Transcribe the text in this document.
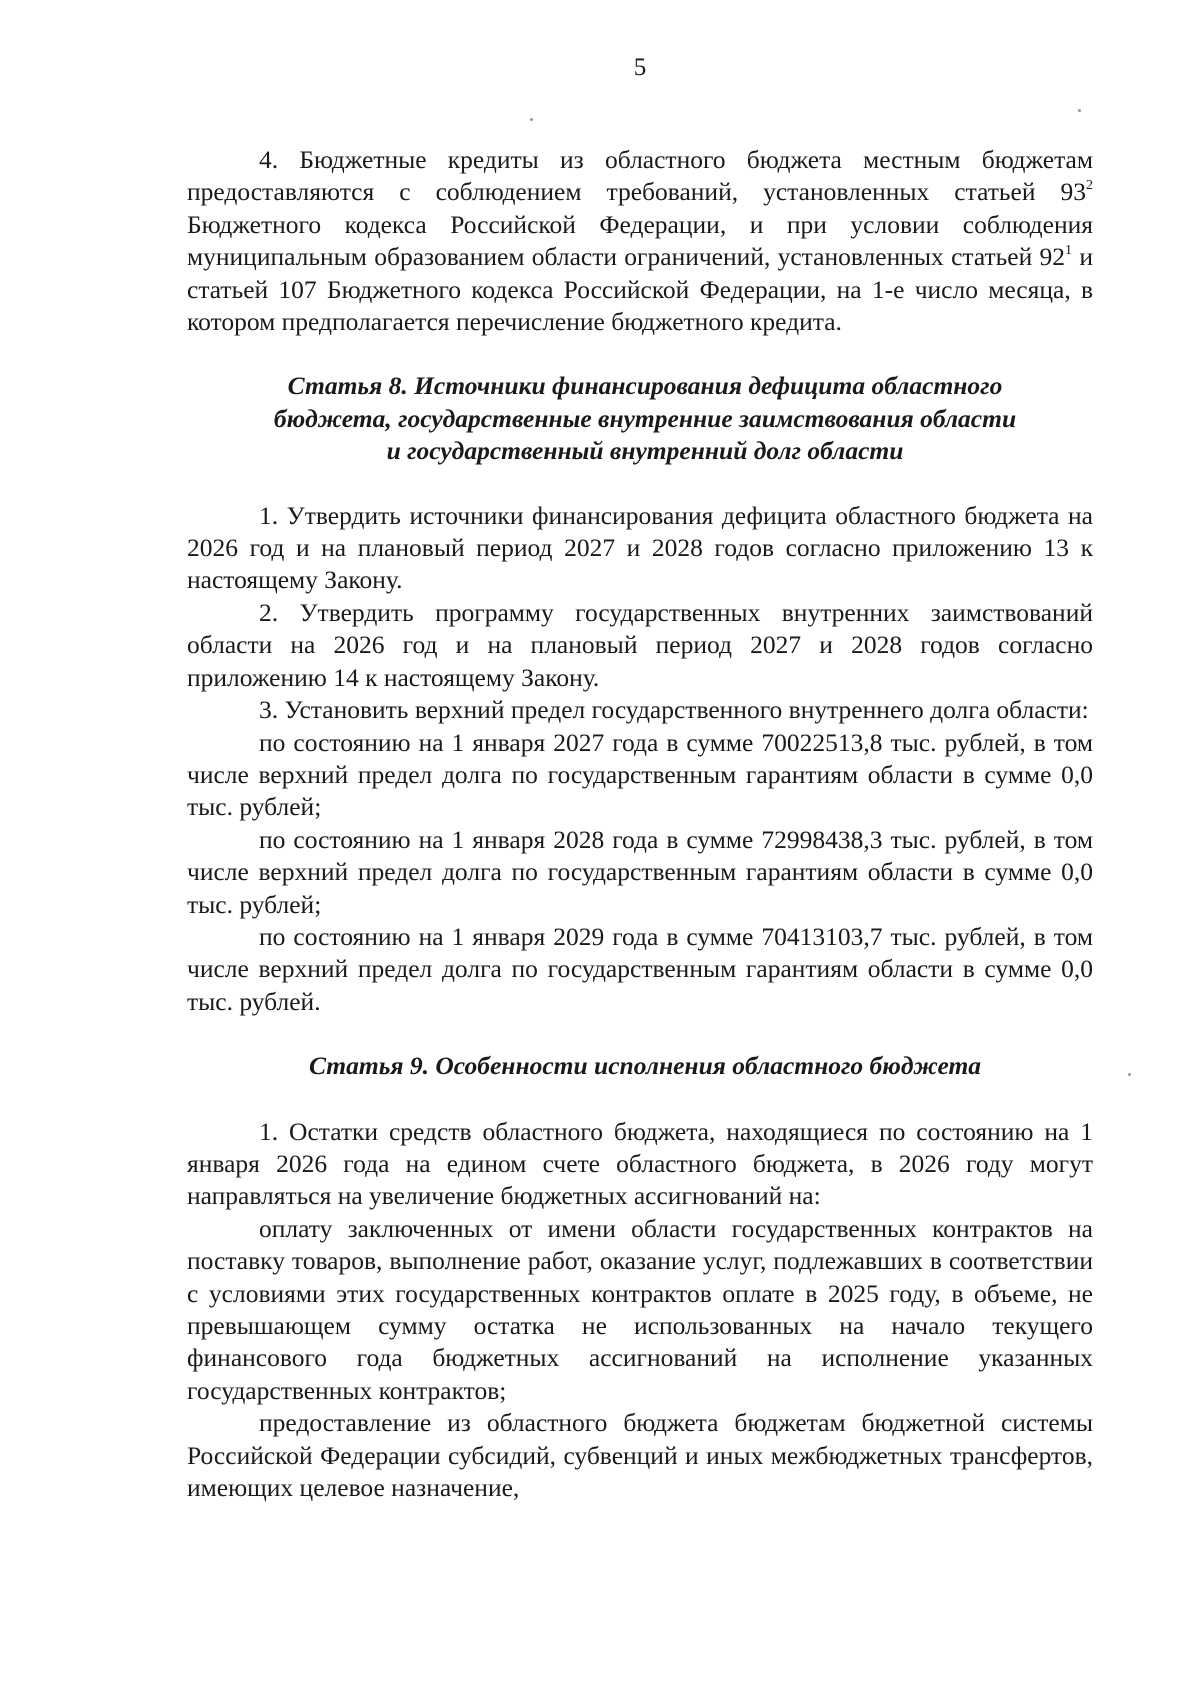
5

4. Бюджетные кредиты из областного бюджета местным бюджетам предоставляются с соблюдением требований, установленных статьей $93^2$ Бюджетного кодекса Российской Федерации, и при условии соблюдения муниципальным образованием области ограничений, установленных статьей $92^1$ и статьей 107 Бюджетного кодекса Российской Федерации, на 1-е число месяца, в котором предполагается перечисление бюджетного кредита.

Статья 8. Источники финансирования дефицита областного
бюджета, государственные внутренние заимствования области
и государственный внутренний долг области

1. Утвердить источники финансирования дефицита областного бюджета на 2026 год и на плановый период 2027 и 2028 годов согласно приложению 13 к настоящему Закону.

2. Утвердить программу государственных внутренних заимствований области на 2026 год и на плановый период 2027 и 2028 годов согласно приложению 14 к настоящему Закону.

3. Установить верхний предел государственного внутреннего долга области:

по состоянию на 1 января 2027 года в сумме 70022513,8 тыс. рублей, в том числе верхний предел долга по государственным гарантиям области в сумме 0,0 тыс. рублей;

по состоянию на 1 января 2028 года в сумме 72998438,3 тыс. рублей, в том числе верхний предел долга по государственным гарантиям области в сумме 0,0 тыс. рублей;

по состоянию на 1 января 2029 года в сумме 70413103,7 тыс. рублей, в том числе верхний предел долга по государственным гарантиям области в сумме 0,0 тыс. рублей.

Статья 9. Особенности исполнения областного бюджета

1. Остатки средств областного бюджета, находящиеся по состоянию на 1 января 2026 года на едином счете областного бюджета, в 2026 году могут направляться на увеличение бюджетных ассигнований на:

оплату заключенных от имени области государственных контрактов на поставку товаров, выполнение работ, оказание услуг, подлежавших в соответствии с условиями этих государственных контрактов оплате в 2025 году, в объеме, не превышающем сумму остатка не использованных на начало текущего финансового года бюджетных ассигнований на исполнение указанных государственных контрактов;

предоставление из областного бюджета бюджетам бюджетной системы Российской Федерации субсидий, субвенций и иных межбюджетных трансфертов, имеющих целевое назначение,
